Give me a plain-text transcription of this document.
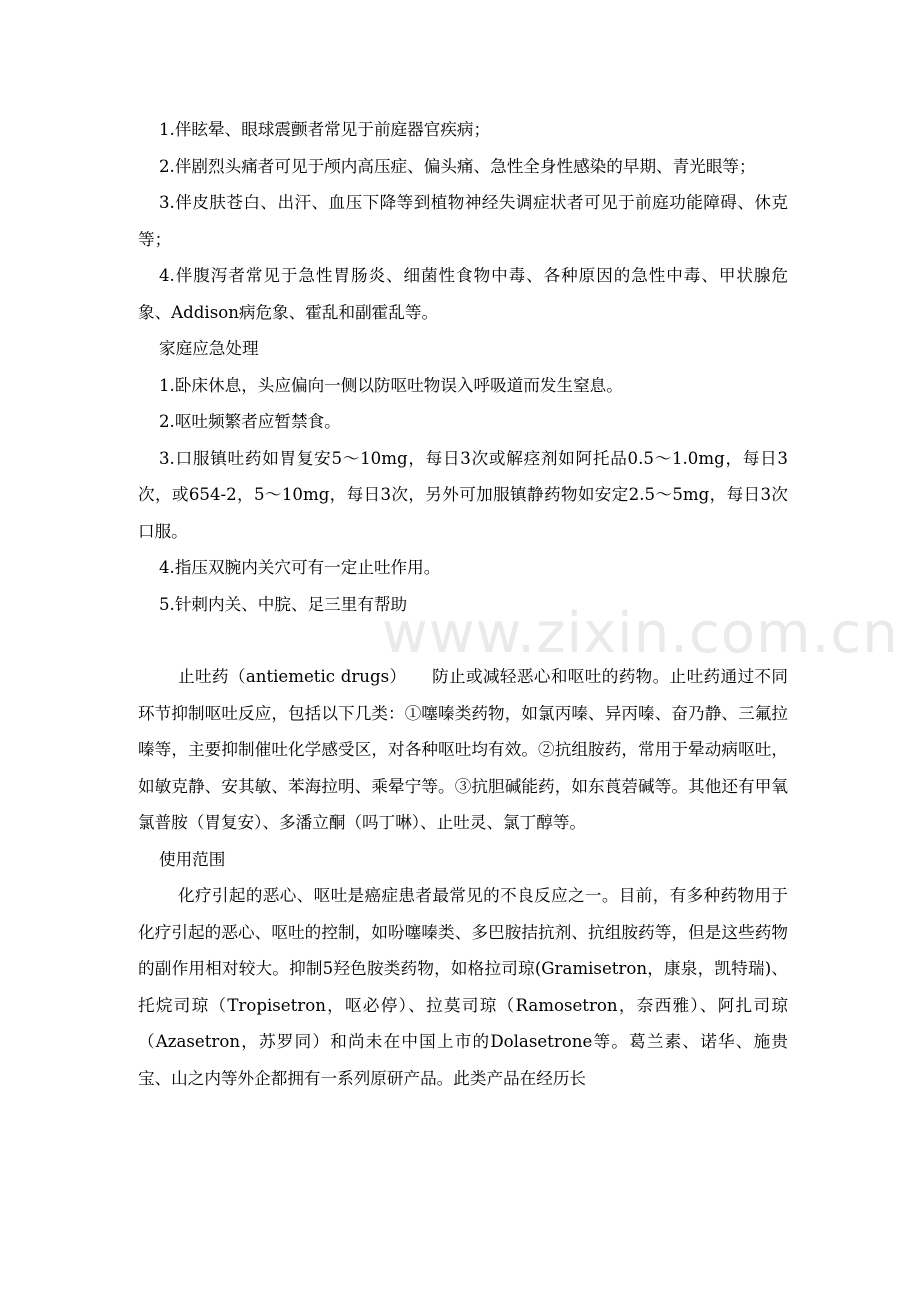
1.伴眩晕、眼球震颤者常见于前庭器官疾病；

2.伴剧烈头痛者可见于颅内高压症、偏头痛、急性全身性感染的早期、青光眼等；

3.伴皮肤苍白、出汗、血压下降等到植物神经失调症状者可见于前庭功能障碍、休克等；

4.伴腹泻者常见于急性胃肠炎、细菌性食物中毒、各种原因的急性中毒、甲状腺危象、Addison病危象、霍乱和副霍乱等。

家庭应急处理

1.卧床休息，头应偏向一侧以防呕吐物误入呼吸道而发生窒息。

2.呕吐频繁者应暂禁食。

3.口服镇吐药如胃复安5～10mg，每日3次或解痉剂如阿托品0.5～1.0mg，每日3次，或654-2，5～10mg，每日3次，另外可加服镇静药物如安定2.5～5mg，每日3次口服。

4.指压双腕内关穴可有一定止吐作用。

5.针刺内关、中脘、足三里有帮助

止吐药（antiemetic drugs）　　防止或减轻恶心和呕吐的药物。止吐药通过不同环节抑制呕吐反应，包括以下几类：①噻嗪类药物，如氯丙嗪、异丙嗪、奋乃静、三氟拉嗪等，主要抑制催吐化学感受区，对各种呕吐均有效。②抗组胺药，常用于晕动病呕吐，如敏克静、安其敏、苯海拉明、乘晕宁等。③抗胆碱能药，如东莨菪碱等。其他还有甲氧氯普胺（胃复安）、多潘立酮（吗丁啉）、止吐灵、氯丁醇等。

使用范围

化疗引起的恶心、呕吐是癌症患者最常见的不良反应之一。目前，有多种药物用于化疗引起的恶心、呕吐的控制，如吩噻嗪类、多巴胺拮抗剂、抗组胺药等，但是这些药物的副作用相对较大。抑制5羟色胺类药物，如格拉司琼(Gramisetron，康泉，凯特瑞)、托烷司琼（Tropisetron，呕必停）、拉莫司琼（Ramosetron，奈西雅）、阿扎司琼（Azasetron，苏罗同）和尚未在中国上市的Dolasetrone等。葛兰素、诺华、施贵宝、山之内等外企都拥有一系列原研产品。此类产品在经历长

www.zixin.com.cn
